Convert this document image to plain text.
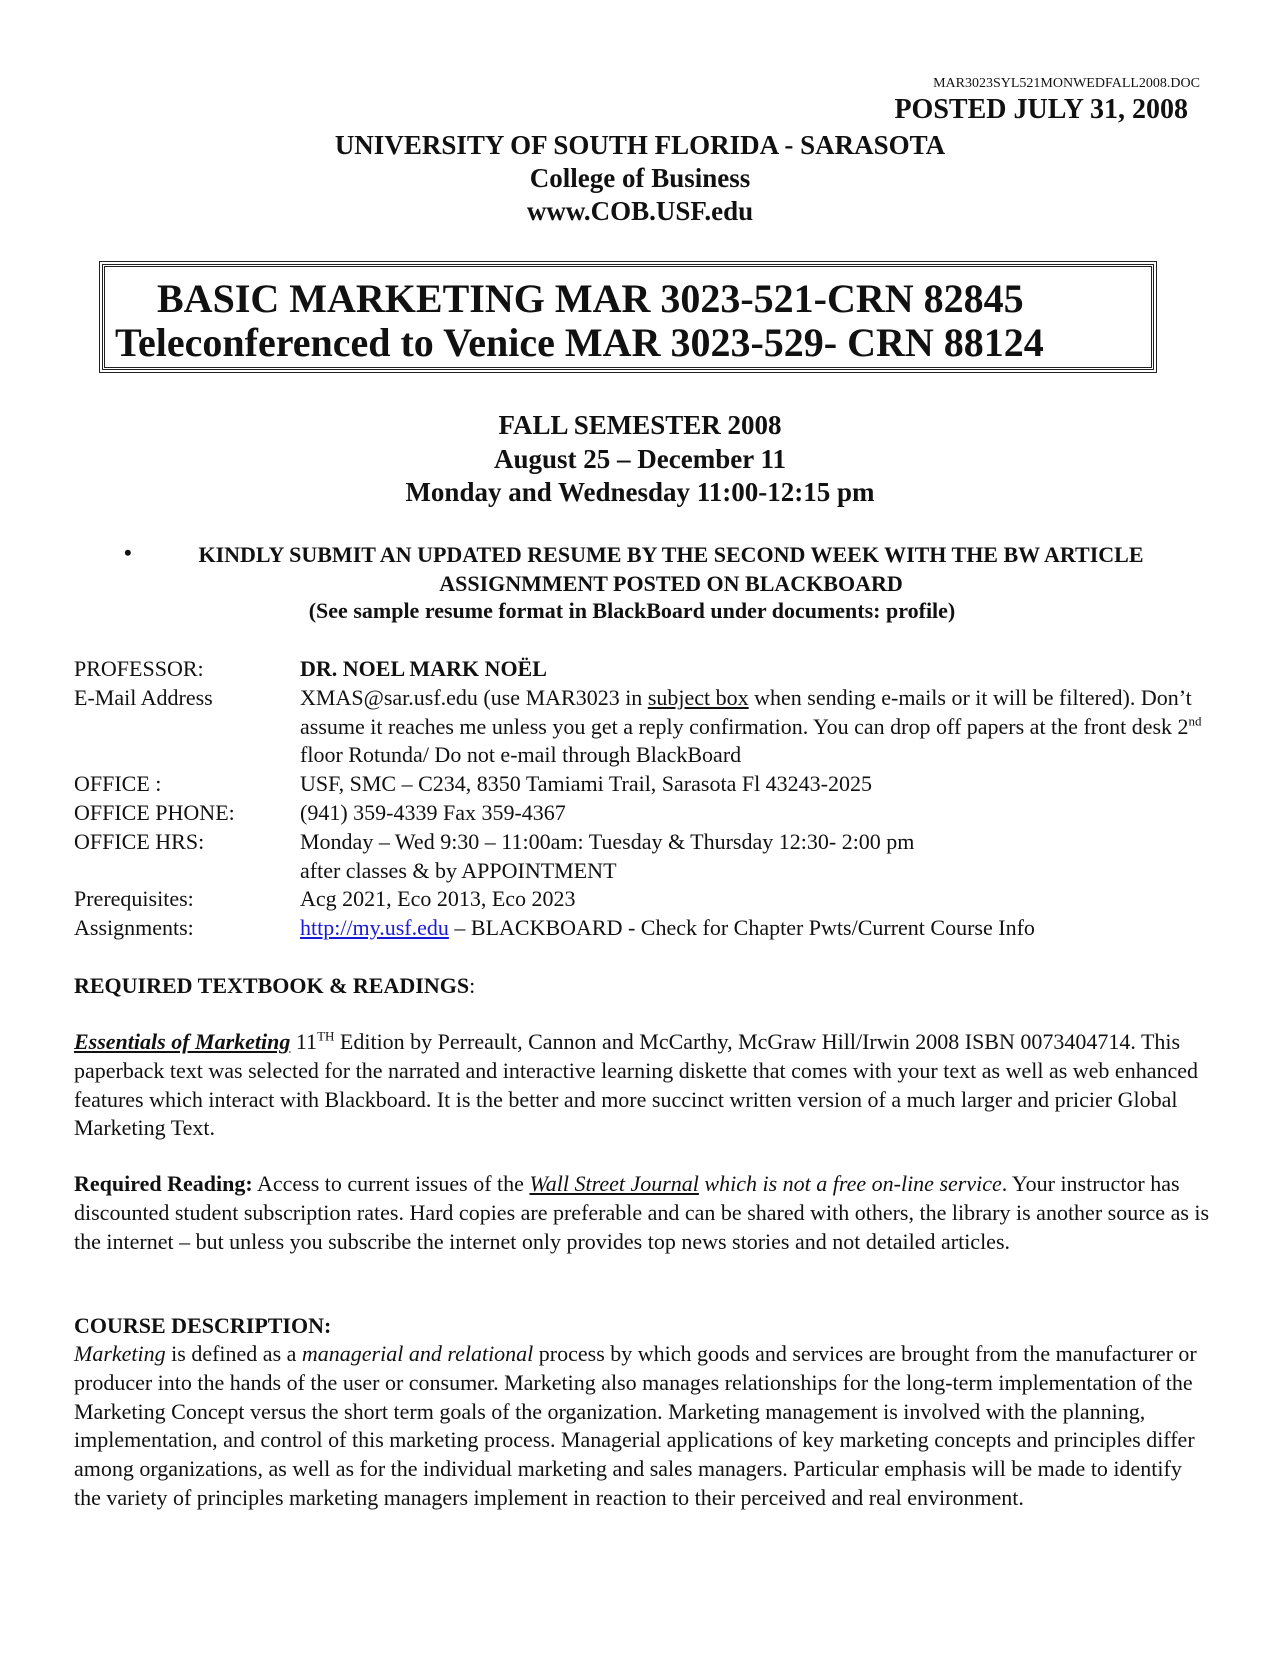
MAR3023SYL521MONWEDFALL2008.DOC
POSTED JULY 31, 2008
UNIVERSITY OF SOUTH FLORIDA - SARASOTA
College of Business
www.COB.USF.edu
BASIC MARKETING MAR 3023-521-CRN 82845
Teleconferenced to Venice MAR 3023-529- CRN 88124
FALL SEMESTER 2008
August 25 – December 11
Monday and Wednesday 11:00-12:15 pm
•	KINDLY SUBMIT AN UPDATED RESUME BY THE SECOND WEEK WITH THE BW ARTICLE ASSIGNMMENT POSTED ON BLACKBOARD
(See sample resume format in BlackBoard under documents: profile)
PROFESSOR:	DR. NOEL MARK NOËL
E-Mail Address	XMAS@sar.usf.edu (use MAR3023 in subject box when sending e-mails or it will be filtered). Don’t assume it reaches me unless you get a reply confirmation. You can drop off papers at the front desk 2nd floor Rotunda/ Do not e-mail through BlackBoard
OFFICE :	USF, SMC – C234, 8350 Tamiami Trail, Sarasota Fl 43243-2025
OFFICE PHONE:	(941) 359-4339 Fax 359-4367
OFFICE HRS:	Monday – Wed 9:30 – 11:00am: Tuesday & Thursday 12:30- 2:00 pm
after classes & by APPOINTMENT
Prerequisites:	Acg 2021, Eco 2013, Eco 2023
Assignments:	http://my.usf.edu – BLACKBOARD - Check for Chapter Pwts/Current Course Info
REQUIRED TEXTBOOK & READINGS:
Essentials of Marketing 11TH Edition by Perreault, Cannon and McCarthy, McGraw Hill/Irwin 2008 ISBN 0073404714. This paperback text was selected for the narrated and interactive learning diskette that comes with your text as well as web enhanced features which interact with Blackboard. It is the better and more succinct written version of a much larger and pricier Global Marketing Text.
Required Reading: Access to current issues of the Wall Street Journal which is not a free on-line service. Your instructor has discounted student subscription rates. Hard copies are preferable and can be shared with others, the library is another source as is the internet – but unless you subscribe the internet only provides top news stories and not detailed articles.
COURSE DESCRIPTION:
Marketing is defined as a managerial and relational process by which goods and services are brought from the manufacturer or producer into the hands of the user or consumer. Marketing also manages relationships for the long-term implementation of the Marketing Concept versus the short term goals of the organization. Marketing management is involved with the planning, implementation, and control of this marketing process. Managerial applications of key marketing concepts and principles differ among organizations, as well as for the individual marketing and sales managers. Particular emphasis will be made to identify the variety of principles marketing managers implement in reaction to their perceived and real environment.
